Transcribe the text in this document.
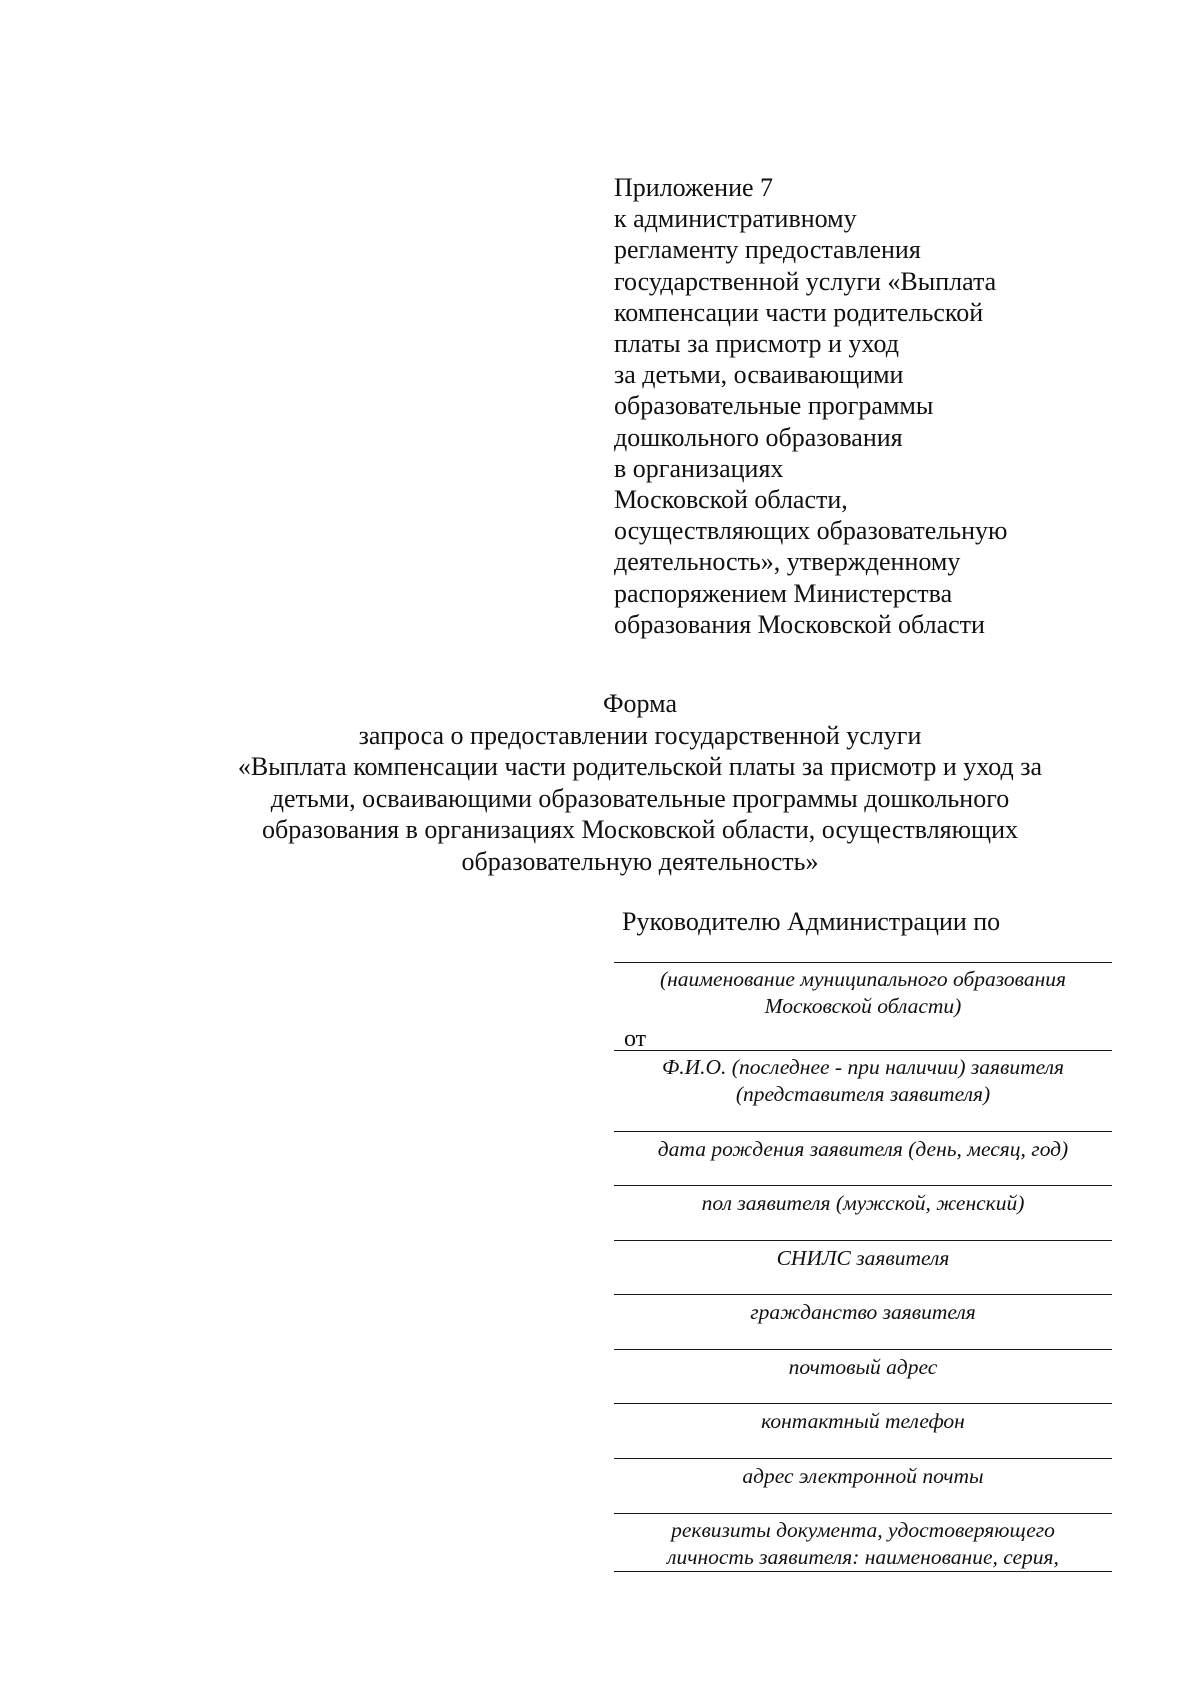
Приложение 7
к административному
регламенту предоставления
государственной услуги «Выплата
компенсации части родительской
платы за присмотр и уход
за детьми, осваивающими
образовательные программы
дошкольного образования
в организациях
Московской области,
осуществляющих образовательную
деятельность», утвержденному
распоряжением Министерства
образования Московской области
Форма
запроса о предоставлении государственной услуги
«Выплата компенсации части родительской платы за присмотр и уход за
детьми, осваивающими образовательные программы дошкольного
образования в организациях Московской области, осуществляющих
образовательную деятельность»
Руководителю Администрации по
(наименование муниципального образования
Московской области)
от
Ф.И.О. (последнее - при наличии) заявителя
(представителя заявителя)
дата рождения заявителя (день, месяц, год)
пол заявителя (мужской, женский)
СНИЛС заявителя
гражданство заявителя
почтовый адрес
контактный телефон
адрес электронной почты
реквизиты документа, удостоверяющего
личность заявителя: наименование, серия,
